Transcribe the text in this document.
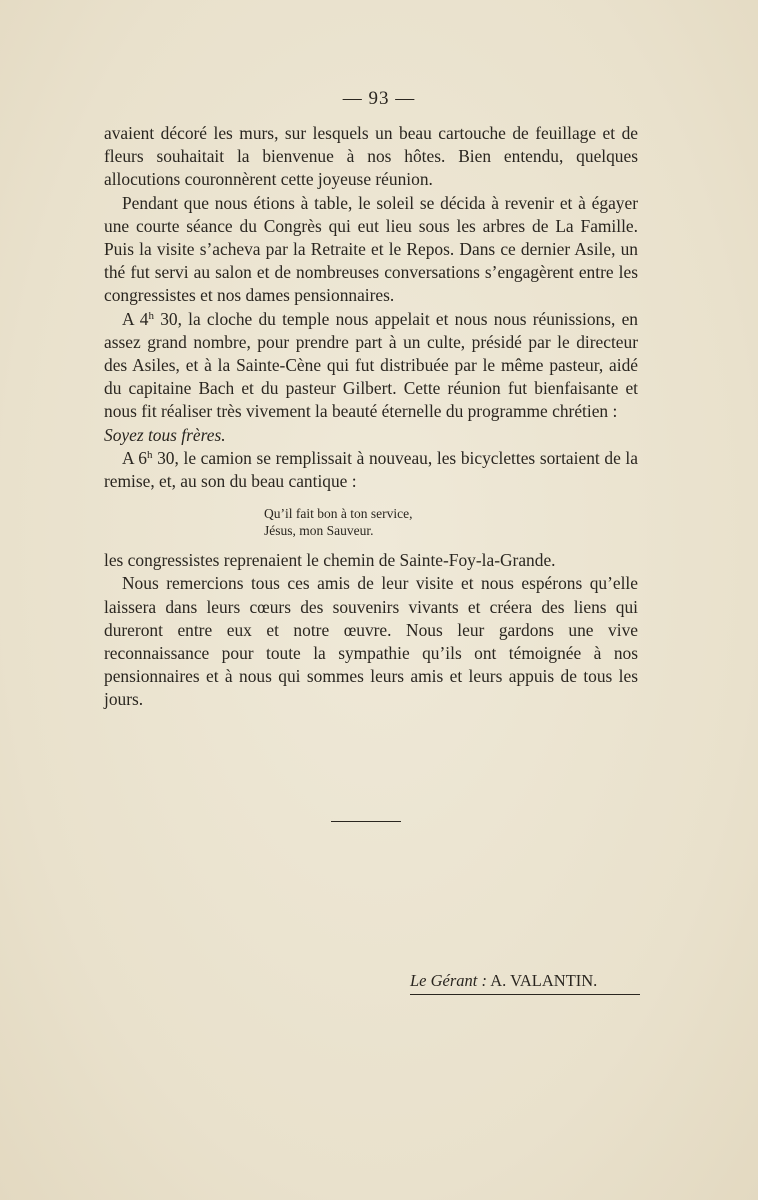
— 93 —

avaient décoré les murs, sur lesquels un beau cartouche de feuillage et de fleurs souhaitait la bienvenue à nos hôtes. Bien entendu, quelques allocutions couronnèrent cette joyeuse réunion.

Pendant que nous étions à table, le soleil se décida à revenir et à égayer une courte séance du Congrès qui eut lieu sous les arbres de La Famille. Puis la visite s’acheva par la Retraite et le Repos. Dans ce dernier Asile, un thé fut servi au salon et de nombreuses conversations s’engagèrent entre les congressistes et nos dames pensionnaires.

A 4$^h$ 30, la cloche du temple nous appelait et nous nous réunissions, en assez grand nombre, pour prendre part à un culte, présidé par le directeur des Asiles, et à la Sainte-Cène qui fut distribuée par le même pasteur, aidé du capitaine Bach et du pasteur Gilbert. Cette réunion fut bienfaisante et nous fit réaliser très vivement la beauté éternelle du programme chrétien :
Soyez tous frères.

A 6$^h$ 30, le camion se remplissait à nouveau, les bicyclettes sortaient de la remise, et, au son du beau cantique :

Qu’il fait bon à ton service,
Jésus, mon Sauveur.

les congressistes reprenaient le chemin de Sainte-Foy-la-Grande.

Nous remercions tous ces amis de leur visite et nous espérons qu’elle laissera dans leurs cœurs des souvenirs vivants et créera des liens qui dureront entre eux et notre œuvre. Nous leur gardons une vive reconnaissance pour toute la sympathie qu’ils ont témoignée à nos pensionnaires et à nous qui sommes leurs amis et leurs appuis de tous les jours.

Le Gérant : A. VALANTIN.
